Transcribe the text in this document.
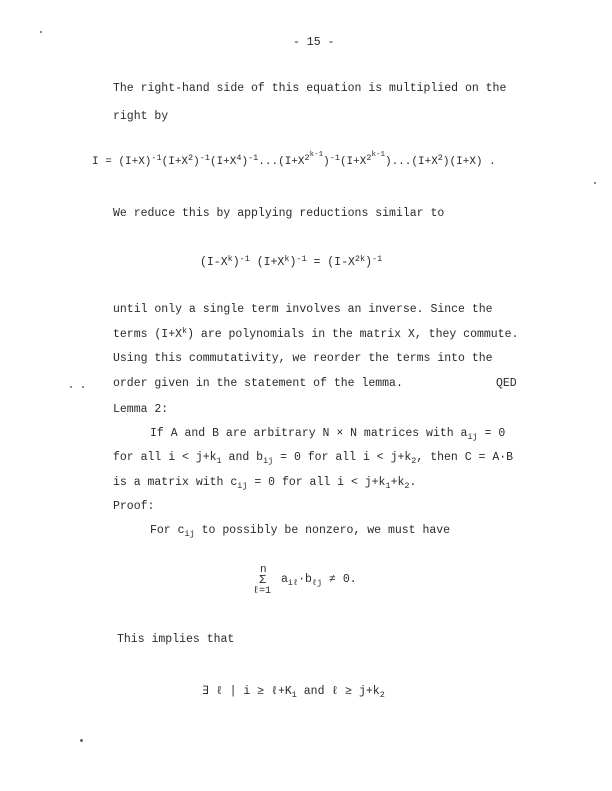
- 15 -
The right-hand side of this equation is multiplied on the
right by
$I = (I+X)^{-1}(I+X^2)^{-1}(I+X^4)^{-1}...(I+X^{2^{k-1}})^{-1}(I+X^{2^{k-1}})...(I+X^2)(I+X)$ .
We reduce this by applying reductions similar to
$(I-X^k)^{-1}$ $(I+X^k)^{-1} = (I-X^{2k})^{-1}$
until only a single term involves an inverse. Since the
terms $(I+X^k)$ are polynomials in the matrix X, they commute.
Using this commutativity, we reorder the terms into the
order given in the statement of the lemma.	QED
Lemma 2:
If A and B are arbitrary N × N matrices with $a_{ij} = 0$
for all $i < j+k_1$ and $b_{ij} = 0$ for all $i < j+k_2$, then C = A·B
is a matrix with $c_{ij} = 0$ for all $i < j+k_1+k_2$.
Proof:
For $c_{ij}$ to possibly be nonzero, we must have
n
Σ
ℓ=1
$a_{i\ell}\cdot b_{\ell j} \ne 0$.
This implies that
∃ ℓ | $i \ge \ell+K_1$ and ℓ ≥ $j+k_2$
